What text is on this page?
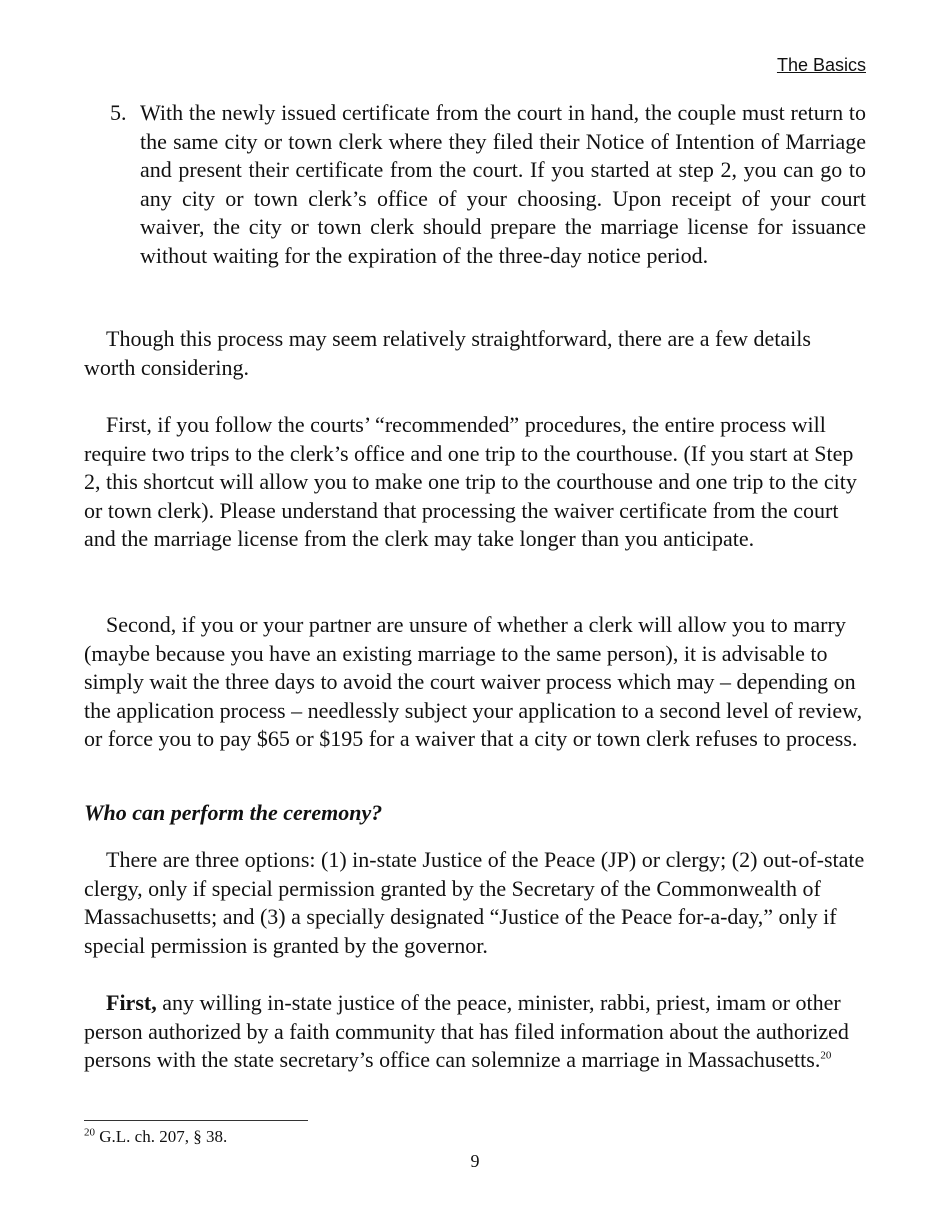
The Basics
5. With the newly issued certificate from the court in hand, the couple must return to the same city or town clerk where they filed their Notice of Intention of Marriage and present their certificate from the court. If you started at step 2, you can go to any city or town clerk’s office of your choosing. Upon receipt of your court waiver, the city or town clerk should prepare the marriage license for issuance without waiting for the expiration of the three-day notice period.
Though this process may seem relatively straightforward, there are a few details worth considering.
First, if you follow the courts’ “recommended” procedures, the entire process will require two trips to the clerk’s office and one trip to the courthouse. (If you start at Step 2, this shortcut will allow you to make one trip to the courthouse and one trip to the city or town clerk). Please understand that processing the waiver certificate from the court and the marriage license from the clerk may take longer than you anticipate.
Second, if you or your partner are unsure of whether a clerk will allow you to marry (maybe because you have an existing marriage to the same person), it is advisable to simply wait the three days to avoid the court waiver process which may – depending on the application process – needlessly subject your application to a second level of review, or force you to pay $65 or $195 for a waiver that a city or town clerk refuses to process.
Who can perform the ceremony?
There are three options: (1) in-state Justice of the Peace (JP) or clergy; (2) out-of-state clergy, only if special permission granted by the Secretary of the Commonwealth of Massachusetts; and (3) a specially designated “Justice of the Peace for-a-day,” only if special permission is granted by the governor.
First, any willing in-state justice of the peace, minister, rabbi, priest, imam or other person authorized by a faith community that has filed information about the authorized persons with the state secretary’s office can solemnize a marriage in Massachusetts.$^{20}$
$^{20}$ G.L. ch. 207, § 38.
9
